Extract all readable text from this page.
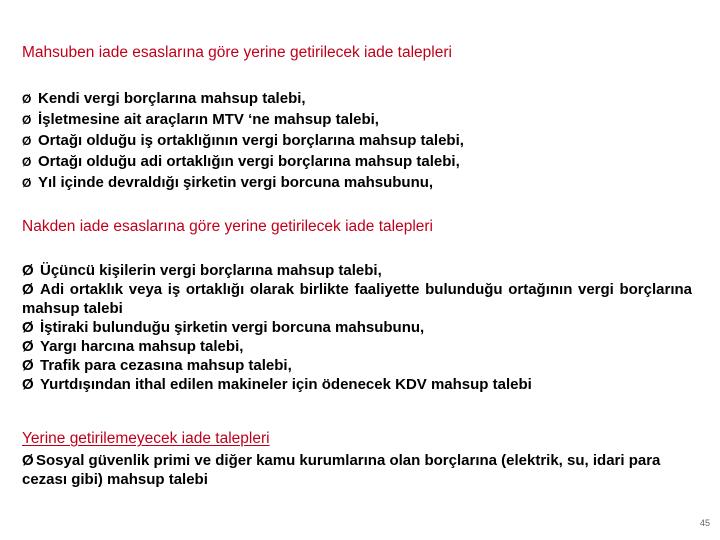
Mahsuben iade esaslarına göre yerine getirilecek iade talepleri
Ø Kendi vergi borçlarına mahsup talebi,
Ø İşletmesine ait araçların MTV ‘ne mahsup talebi,
Ø Ortağı olduğu iş ortaklığının vergi borçlarına mahsup talebi,
Ø Ortağı olduğu adi ortaklığın vergi borçlarına mahsup talebi,
Ø Yıl içinde devraldığı şirketin vergi borcuna mahsubunu,
Nakden iade esaslarına göre yerine getirilecek iade talepleri
Ø Üçüncü kişilerin vergi borçlarına mahsup talebi,
Ø Adi ortaklık veya iş ortaklığı olarak birlikte faaliyette bulunduğu ortağının vergi borçlarına mahsup talebi
Ø İştiraki bulunduğu şirketin vergi borcuna mahsubunu,
Ø Yargı harcına mahsup talebi,
Ø Trafik para cezasına mahsup talebi,
Ø Yurtdışından ithal edilen makineler için ödenecek KDV mahsup talebi
Yerine getirilemeyecek iade talepleri
Ø Sosyal güvenlik primi ve diğer kamu kurumlarına olan borçlarına (elektrik, su, idari para cezası gibi) mahsup talebi
45
